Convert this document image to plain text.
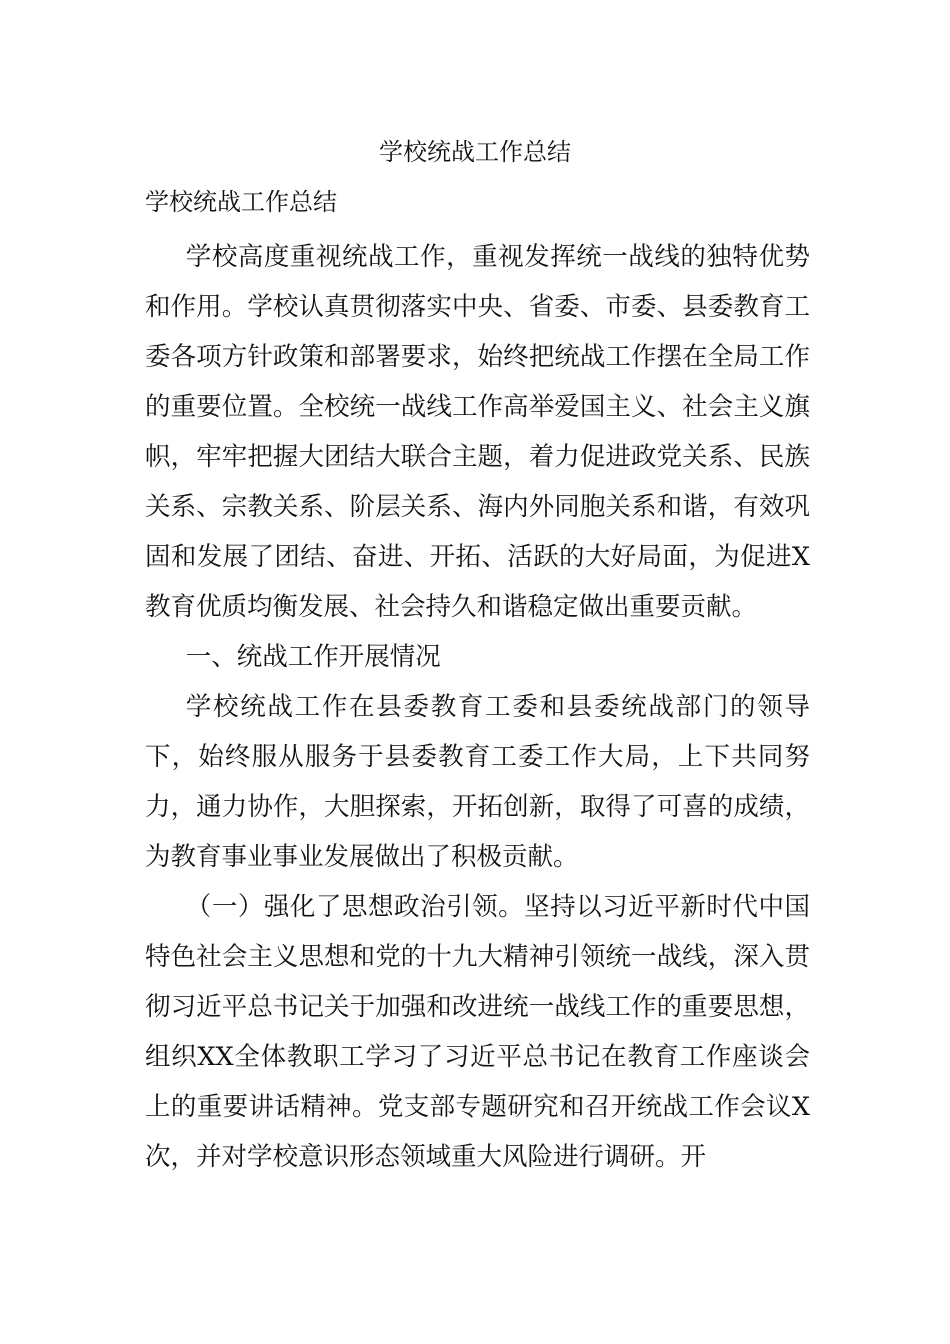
学校统战工作总结
学校统战工作总结

学校高度重视统战工作，重视发挥统一战线的独特优势和作用。学校认真贯彻落实中央、省委、市委、县委教育工委各项方针政策和部署要求，始终把统战工作摆在全局工作的重要位置。全校统一战线工作高举爱国主义、社会主义旗帜，牢牢把握大团结大联合主题，着力促进政党关系、民族关系、宗教关系、阶层关系、海内外同胞关系和谐，有效巩固和发展了团结、奋进、开拓、活跃的大好局面，为促进X教育优质均衡发展、社会持久和谐稳定做出重要贡献。

一、统战工作开展情况

学校统战工作在县委教育工委和县委统战部门的领导下，始终服从服务于县委教育工委工作大局，上下共同努力，通力协作，大胆探索，开拓创新，取得了可喜的成绩，为教育事业事业发展做出了积极贡献。

（一）强化了思想政治引领。坚持以习近平新时代中国特色社会主义思想和党的十九大精神引领统一战线，深入贯彻习近平总书记关于加强和改进统一战线工作的重要思想，组织XX全体教职工学习了习近平总书记在教育工作座谈会上的重要讲话精神。党支部专题研究和召开统战工作会议X次，并对学校意识形态领域重大风险进行调研。开
